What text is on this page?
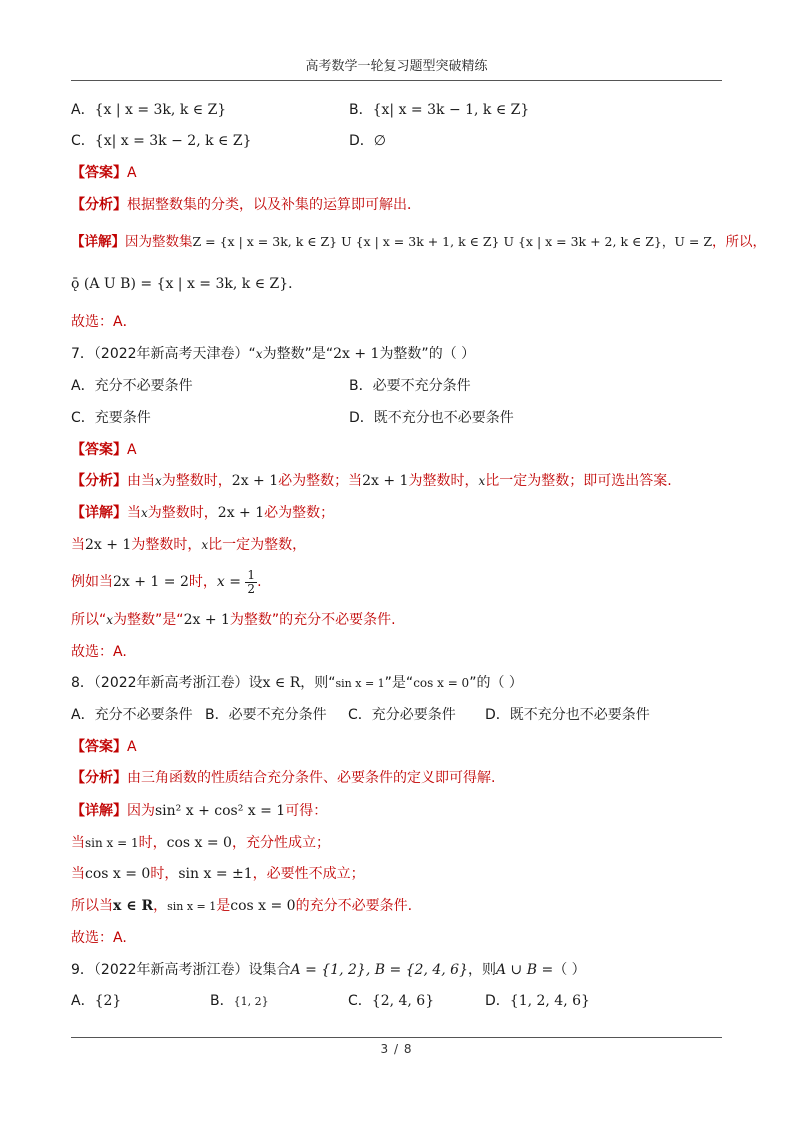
高考数学一轮复习题型突破精练
A．{x | x = 3k, k ∈ Z}	B．{x| x = 3k − 1, k ∈ Z}
C．{x| x = 3k − 2, k ∈ Z}	D．∅
【答案】A
【分析】根据整数集的分类，以及补集的运算即可解出．
【详解】因为整数集Z = {x | x = 3k, k ∈ Z} U {x | x = 3k + 1, k ∈ Z} U {x | x = 3k + 2, k ∈ Z}，U = Z，所以，
ǭ (A U B) = {x | x = 3k, k ∈ Z}．
故选：A．
7．（2022年新高考天津卷）“x为整数”是“2x + 1为整数”的（ ）
A．充分不必要条件	B．必要不充分条件
C．充要条件	D．既不充分也不必要条件
【答案】A
【分析】由当x为整数时，2x + 1必为整数；当2x + 1为整数时，x比一定为整数；即可选出答案.
【详解】当x为整数时，2x + 1必为整数；
当2x + 1为整数时，x比一定为整数，
例如当2x + 1 = 2时，$x = \frac{1}{2}$ .
所以“x为整数”是“2x + 1为整数”的充分不必要条件.
故选：A.
8．（2022年新高考浙江卷）设x ∈ R，则“sin x = 1”是“cos x = 0”的（ ）
A．充分不必要条件 B．必要不充分条件 C．充分必要条件 D．既不充分也不必要条件
【答案】A
【分析】由三角函数的性质结合充分条件、必要条件的定义即可得解.
【详解】因为sin² x + cos² x = 1可得：
当sin x = 1时，cos x = 0，充分性成立；
当cos x = 0时，sin x = ±1，必要性不成立；
所以当x ∈ R，sin x = 1是cos x = 0的充分不必要条件.
故选：A.
9．（2022年新高考浙江卷）设集合A = {1, 2}, B = {2, 4, 6}，则A ∪ B =（ ）
A．{2}	B．{1, 2}	C．{2, 4, 6}	D．{1, 2, 4, 6}
3 / 8
